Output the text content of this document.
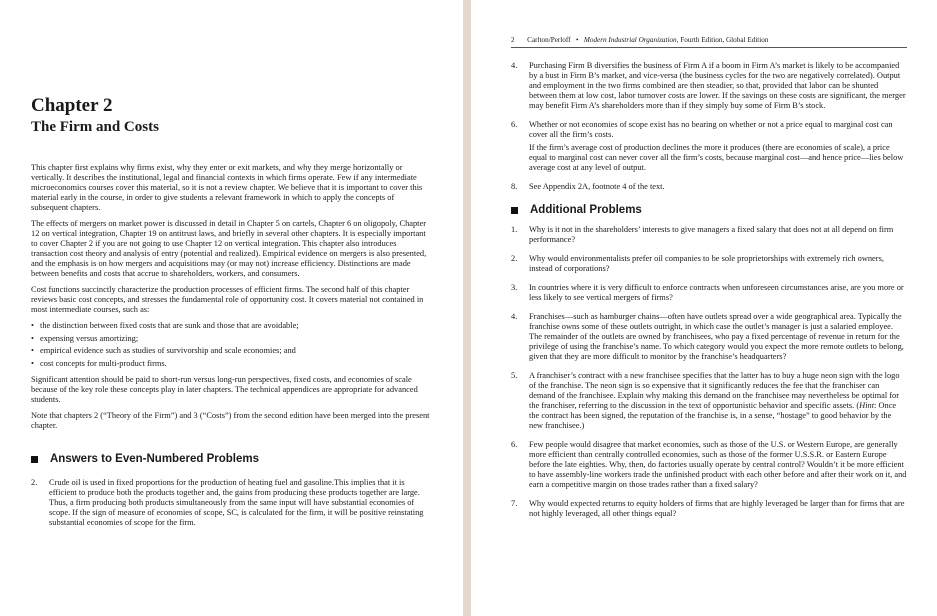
Chapter 2
The Firm and Costs

This chapter first explains why firms exist, why they enter or exit markets, and why they merge horizontally or vertically. It describes the institutional, legal and financial contexts in which firms operate. Few if any intermediate microeconomics courses cover this material, so it is not a review chapter. We believe that it is important to cover this material early in the course, in order to give students a relevant framework in which to apply the concepts of subsequent chapters.

The effects of mergers on market power is discussed in detail in Chapter 5 on cartels, Chapter 6 on oligopoly, Chapter 12 on vertical integration, Chapter 19 on antitrust laws, and briefly in several other chapters. It is especially important to cover Chapter 2 if you are not going to use Chapter 12 on vertical integration. This chapter also introduces transaction cost theory and analysis of entry (potential and realized). Empirical evidence on mergers is also presented, and the emphasis is on how mergers and acquisitions may (or may not) increase efficiency. Distinctions are made between benefits and costs that accrue to shareholders, workers, and consumers.

Cost functions succinctly characterize the production processes of efficient firms. The second half of this chapter reviews basic cost concepts, and stresses the fundamental role of opportunity cost. It covers material not contained in most intermediate courses, such as:

• the distinction between fixed costs that are sunk and those that are avoidable;
• expensing versus amortizing;
• empirical evidence such as studies of survivorship and scale economies; and
• cost concepts for multi-product firms.

Significant attention should be paid to short-run versus long-run perspectives, fixed costs, and economies of scale because of the key role these concepts play in later chapters. The technical appendices are appropriate for advanced students.

Note that chapters 2 (“Theory of the Firm”) and 3 (“Costs”) from the second edition have been merged into the present chapter.

Answers to Even-Numbered Problems
2.	Crude oil is used in fixed proportions for the production of heating fuel and gasoline.This implies that it is efficient to produce both the products together and, the gains from producing these products together are large. Thus, a firm producing both products simultaneously from the same input will have substantial economies of scope. If the sign of measure of economies of scope, SC, is calculated for the firm, it will be positive reinstating substantial economies of scope for the firm.

2 Carlton/Perloff • Modern Industrial Organization, Fourth Edition, Global Edition
4.	Purchasing Firm B diversifies the business of Firm A if a boom in Firm A’s market is likely to be accompanied by a bust in Firm B’s market, and vice-versa (the business cycles for the two are negatively correlated). Output and employment in the two firms combined are then steadier, so that, provided that labor can be shunted between them at low cost, labor turnover costs are lower. If the savings on these costs are significant, the merger may benefit Firm A’s shareholders more than if they simply buy some of Firm B’s stock.

6.	Whether or not economies of scope exist has no bearing on whether or not a price equal to marginal cost can cover all the firm’s costs.

If the firm’s average cost of production declines the more it produces (there are economies of scale), a price equal to marginal cost can never cover all the firm’s costs, because marginal cost—and hence price—lies below average cost at any level of output.

8.	See Appendix 2A, footnote 4 of the text.

Additional Problems
1.	Why is it not in the shareholders’ interests to give managers a fixed salary that does not at all depend on firm performance?

2.	Why would environmentalists prefer oil companies to be sole proprietorships with extremely rich owners, instead of corporations?

3.	In countries where it is very difficult to enforce contracts when unforeseen circumstances arise, are you more or less likely to see vertical mergers of firms?

4.	Franchises—such as hamburger chains—often have outlets spread over a wide geographical area. Typically the franchise owns some of these outlets outright, in which case the outlet’s manager is just a salaried employee. The remainder of the outlets are owned by franchisees, who pay a fixed percentage of revenue in return for the privilege of using the franchise’s name. To which category would you expect the more remote outlets to belong, given that they are more difficult to monitor by the franchise’s headquarters?

5.	A franchiser’s contract with a new franchisee specifies that the latter has to buy a huge neon sign with the logo of the franchise. The neon sign is so expensive that it significantly reduces the fee that the franchiser can demand of the franchisee. Explain why making this demand on the franchisee may nevertheless be optimal for the franchiser, referring to the discussion in the text of opportunistic behavior and specific assets. (Hint: Once the contract has been signed, the reputation of the franchise is, in a sense, “hostage” to good behavior by the new franchisee.)

6.	Few people would disagree that market economies, such as those of the U.S. or Western Europe, are generally more efficient than centrally controlled economies, such as those of the former U.S.S.R. or Eastern Europe before the late eighties. Why, then, do factories usually operate by central control? Wouldn’t it be more efficient to have assembly-line workers trade the unfinished product with each other before and after their work on it, and earn a competitive margin on those trades rather than a fixed salary?

7.	Why would expected returns to equity holders of firms that are highly leveraged be larger than for firms that are not highly leveraged, all other things equal?
